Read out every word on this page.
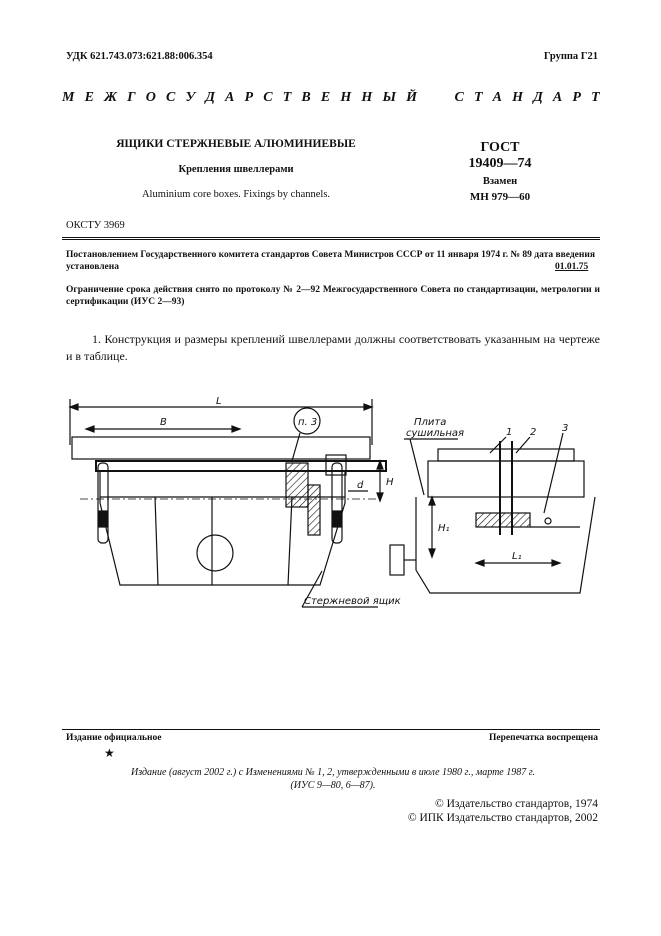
УДК 621.743.073:621.88:006.354	Группа Г21
М Е Ж Г О С У Д А Р С Т В Е Н Н Ы Й

	С Т А Н Д А Р Т
ЯЩИКИ СТЕРЖНЕВЫЕ АЛЮМИНИЕВЫЕ
Крепления швеллерами
Aluminium core boxes. Fixings by channels.
ГОСТ
19409—74
Взамен
МН 979—60
ОКСТУ 3969
Постановлением Государственного комитета стандартов Совета Министров СССР от 11 января 1974 г. № 89 дата введения установлена	01.01.75
Ограничение срока действия снято по протоколу № 2—92 Межгосударственного Совета по стандартизации, метрологии и сертификации (ИУС 2—93)
1. Конструкция и размеры креплений швеллерами должны соответствовать указанным на чертеже и в таблице.
L
B	п. 3
d H
Стержневой ящик
Плита
сушильная	1 2	3
H₁
L₁
Издание официальное	Перепечатка воспрещена
★
Издание (август 2002 г.) с Изменениями № 1, 2, утвержденными в июле 1980 г., марте 1987 г.
(ИУС 9—80, 6—87).
© Издательство стандартов, 1974
© ИПК Издательство стандартов, 2002
